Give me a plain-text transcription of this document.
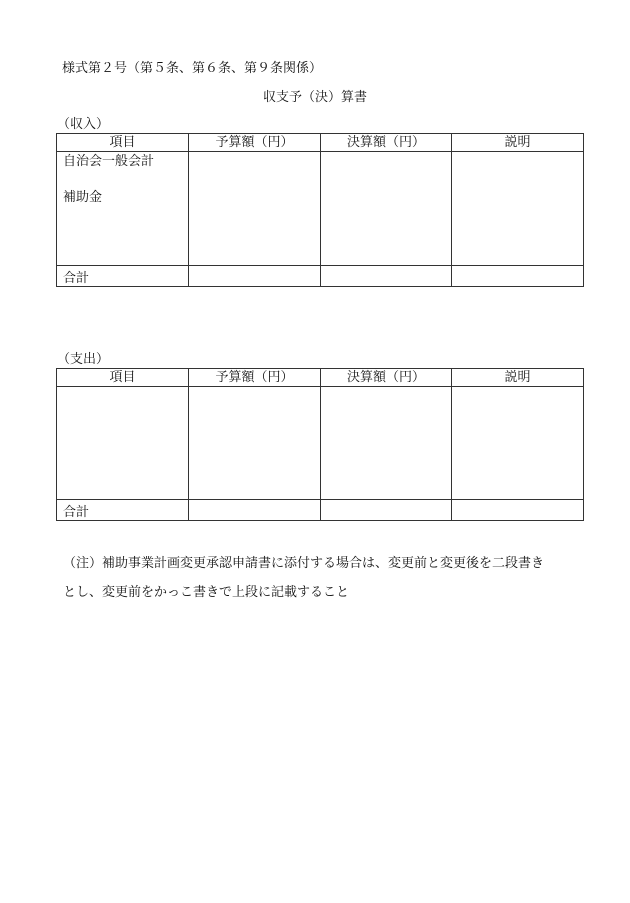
様式第２号（第５条、第６条、第９条関係）
収支予（決）算書
（収入）
項目	予算額（円）	決算額（円）	説明

自治会一般会計
補助金			

合計			
（支出）
項目	予算額（円）	決算額（円）	説明

合計			
（注）補助事業計画変更承認申請書に添付する場合は、変更前と変更後を二段書き
とし、変更前をかっこ書きで上段に記載すること
